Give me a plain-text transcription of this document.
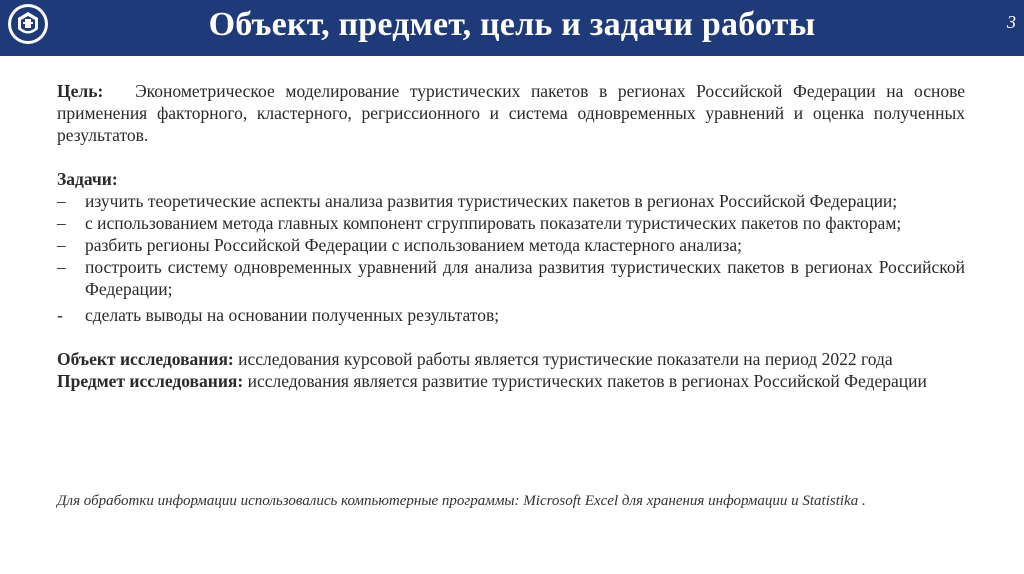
Объект, предмет, цель и задачи работы	3

Цель: Эконометрическое моделирование туристических пакетов в регионах Российской Федерации на основе применения факторного, кластерного, регриссионного и система одновременных уравнений и оценка полученных результатов.

Задачи:
– изучить теоретические аспекты анализа развития туристических пакетов в регионах Российской Федерации;
– с использованием метода главных компонент сгруппировать показатели туристических пакетов по факторам;
– разбить регионы Российской Федерации с использованием метода кластерного анализа;
– построить систему одновременных уравнений для анализа развития туристических пакетов в регионах Российской Федерации;
- сделать выводы на основании полученных результатов;

Объект исследования: исследования курсовой работы является туристические показатели на период 2022 года

Предмет исследования: исследования является развитие туристических пакетов в регионах Российской Федерации

Для обработки информации использовались компьютерные программы: Microsoft Excel для хранения информации и Statistika .
